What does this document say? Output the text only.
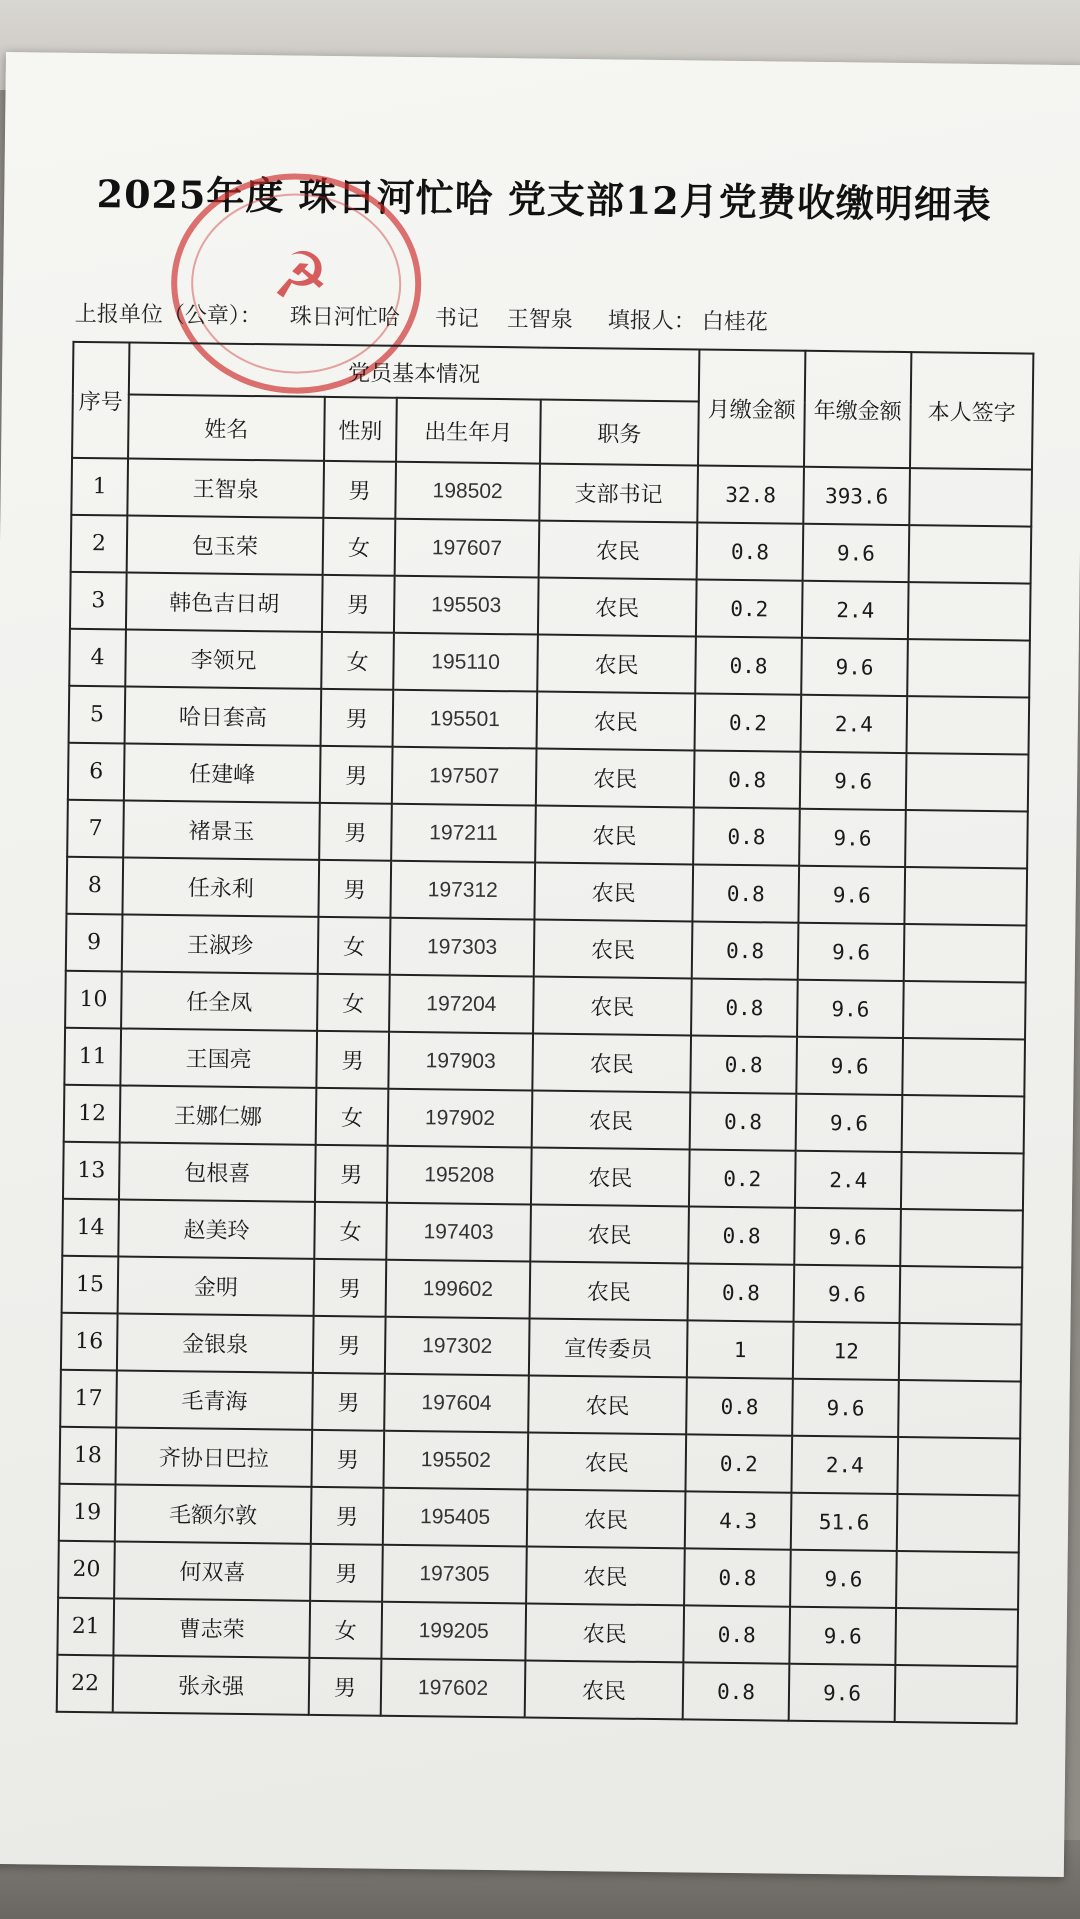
2025年度 珠日河忙哈 党支部12月党费收缴明细表
☭
上报单位（公章）： 珠日河忙哈 书记 王智泉 填报人： 白桂花
序号	党员基本情况				月缴金额	年缴金额	本人签字
	姓名	性别	出生年月	职务			
1	王智泉	男	198502	支部书记	32.8	393.6	
2	包玉荣	女	197607	农民	0.8	9.6	
3	韩色吉日胡	男	195503	农民	0.2	2.4	
4	李领兄	女	195110	农民	0.8	9.6	
5	哈日套高	男	195501	农民	0.2	2.4	
6	任建峰	男	197507	农民	0.8	9.6	
7	褚景玉	男	197211	农民	0.8	9.6	
8	任永利	男	197312	农民	0.8	9.6	
9	王淑珍	女	197303	农民	0.8	9.6	
10	任全凤	女	197204	农民	0.8	9.6	
11	王国亮	男	197903	农民	0.8	9.6	
12	王娜仁娜	女	197902	农民	0.8	9.6	
13	包根喜	男	195208	农民	0.2	2.4	
14	赵美玲	女	197403	农民	0.8	9.6	
15	金明	男	199602	农民	0.8	9.6	
16	金银泉	男	197302	宣传委员	1	12	
17	毛青海	男	197604	农民	0.8	9.6	
18	齐协日巴拉	男	195502	农民	0.2	2.4	
19	毛额尔敦	男	195405	农民	4.3	51.6	
20	何双喜	男	197305	农民	0.8	9.6	
21	曹志荣	女	199205	农民	0.8	9.6	
22	张永强	男	197602	农民	0.8	9.6	
